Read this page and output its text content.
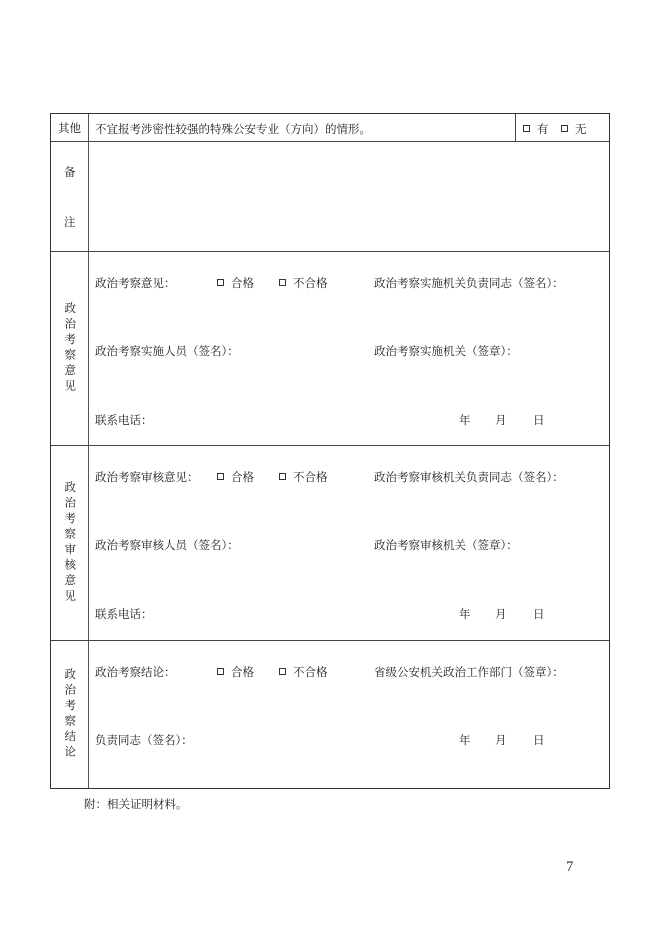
其他 不宜报考涉密性较强的特殊公安专业（方向）的情形。	有	无
备
注
政治考察意见
政治考察意见：	合格	不合格	政治考察实施机关负责同志（签名）：
政治考察实施人员（签名）：	政治考察实施机关（签章）：
联系电话：	年 月 日
政治考察审核意见
政治考察审核意见：	合格	不合格	政治考察审核机关负责同志（签名）：
政治考察审核人员（签名）：	政治考察审核机关（签章）：
联系电话：	年 月 日
政治考察结论 政治考察结论：	合格	不合格	省级公安机关政治工作部门（签章）：
负责同志（签名）：	年 月 日
附：相关证明材料。
7
